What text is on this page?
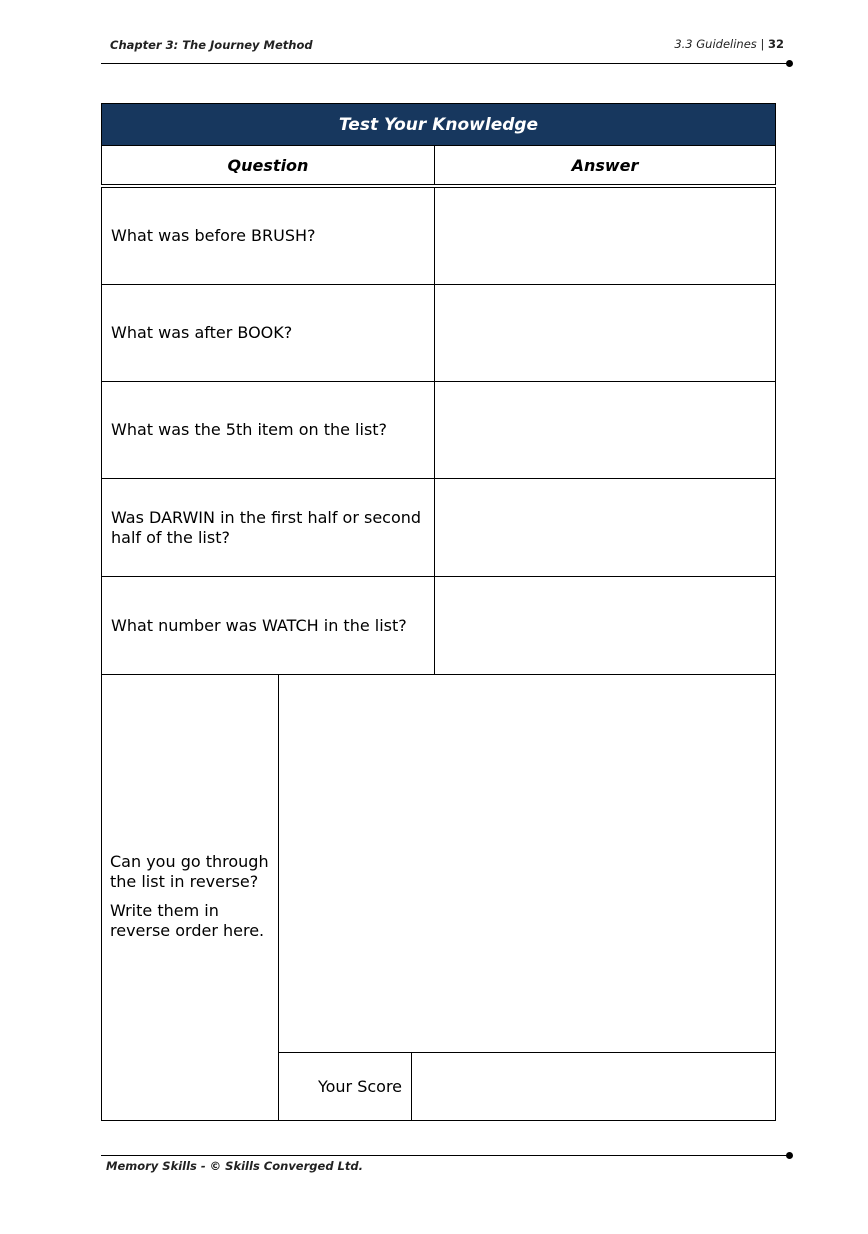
Chapter 3: The Journey Method	3.3 Guidelines | 32
Test Your Knowledge
Question	Answer
What was before BRUSH?
What was after BOOK?
What was the 5th item on the list?
Was DARWIN in the first half or second half of the list?
What number was WATCH in the list?

Can you go through the list in reverse?

Write them in reverse order here.

Your Score
Memory Skills - © Skills Converged Ltd.
